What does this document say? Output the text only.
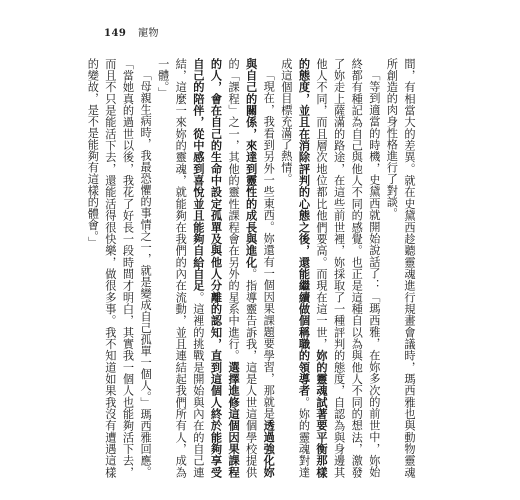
149 寵物

間，有相當大的差異。就在史黛西趁聽靈魂進行規畫會議時，瑪西雅也與動物靈魂所創造的肉身性格進行了對談。

「等到適當的時機，史黛西就開始說話了：「瑪西雅，在妳多次的前世中，妳始終都有種記為自己與他人不同的感覺。也正是這種自以為與他人不同的想法，激發了妳走上薩滿的路途，在這些前世裡，妳採取了一種評判的態度，自認為與身邊其他人不同，而且層次地位都比他們要高。而現在這一世，妳的靈魂試著要平衡那樣的態度，並且在消除評判的心態之後，還能繼續做個稱職的領導者。妳的靈魂對達成這個目標充滿了熱情。

「現在，我看到另外一些東西。妳還有一個因果課題要學習，那就是透過強化妳與自己的關係，來達到靈性的成長與進化。指導靈告訴我，這是人世這個學校提供的「課程」之一，其他的靈性課程會在另外的星系中進行。選擇進修這個因果課程的人，會在自己的生命中設定孤單及與他人分離的認知，直到這個人終於能夠享受自己的陪伴，從中感到喜悅並且能夠自給自足。這裡的挑戰是開始與內在的自己連結，這麼一來妳的靈魂，就能夠在我們的內在流動，並且連結起我們所有人，成為一體。」

「母親生病時，我最恐懼的事情之一，就是變成自己孤單一個人。」瑪西雅回應。「當她真的過世以後，我花了好長一段時間才明白，其實我一個人也能夠活下去，而且不只是能活下去，還能活得很快樂，做很多事。我不知道如果我沒有遭遇這樣的變故，是不是能夠有這樣的體會。」
